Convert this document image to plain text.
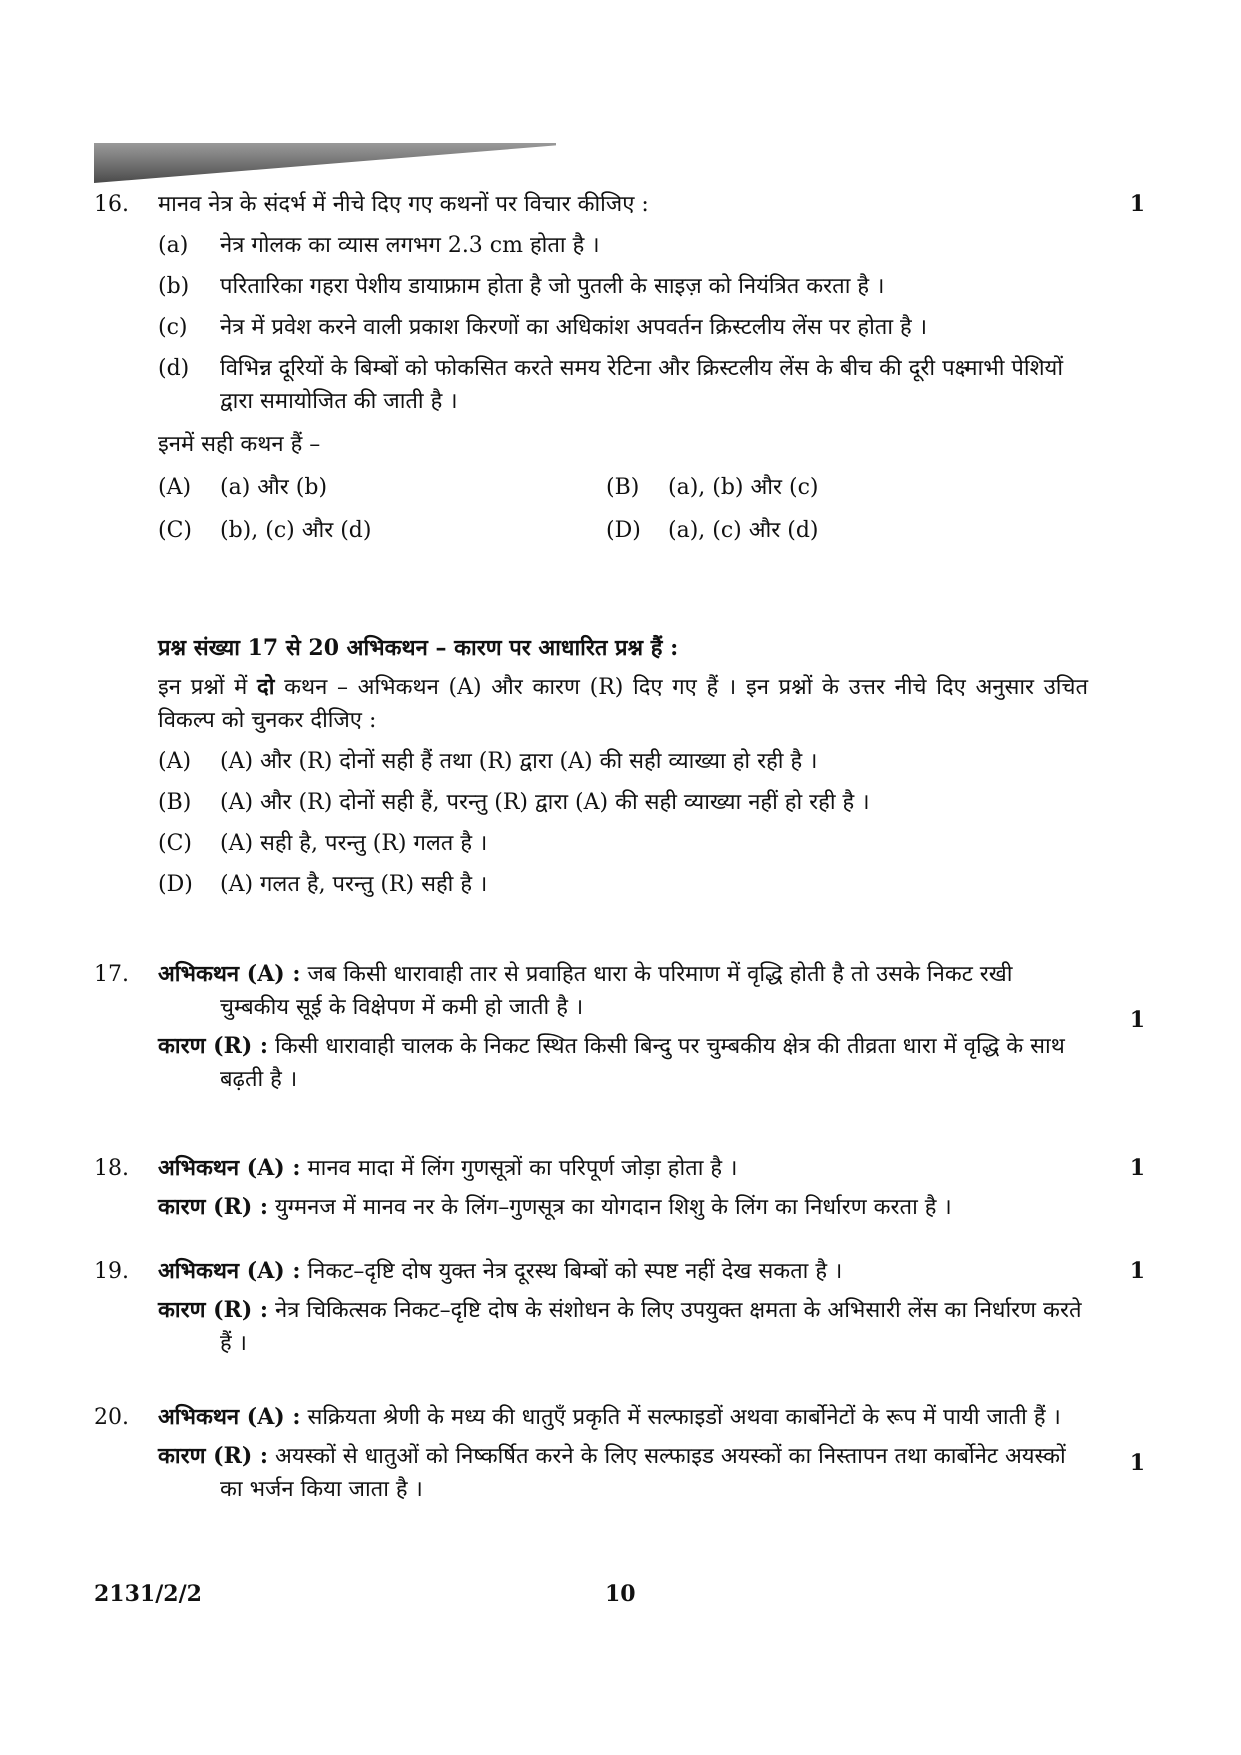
16.	1
मानव नेत्र के संदर्भ में नीचे दिए गए कथनों पर विचार कीजिए :
(a)	नेत्र गोलक का व्यास लगभग 2.3 cm होता है ।
(b)	परितारिका गहरा पेशीय डायाफ्राम होता है जो पुतली के साइज़ को नियंत्रित करता है ।
(c)	नेत्र में प्रवेश करने वाली प्रकाश किरणों का अधिकांश अपवर्तन क्रिस्टलीय लेंस पर होता है ।
(d)	विभिन्न दूरियों के बिम्बों को फोकसित करते समय रेटिना और क्रिस्टलीय लेंस के बीच की दूरी पक्ष्माभी पेशियों द्वारा समायोजित की जाती है ।
इनमें सही कथन हैं –
(A)	(a) और (b)	(B)	(a), (b) और (c)
(C)	(b), (c) और (d)	(D)	(a), (c) और (d)
प्रश्न संख्या 17 से 20 अभिकथन – कारण पर आधारित प्रश्न हैं :
इन प्रश्नों में दो कथन – अभिकथन (A) और कारण (R) दिए गए हैं । इन प्रश्नों के उत्तर नीचे दिए अनुसार उचित विकल्प को चुनकर दीजिए :
(A)	(A) और (R) दोनों सही हैं तथा (R) द्वारा (A) की सही व्याख्या हो रही है ।
(B)	(A) और (R) दोनों सही हैं, परन्तु (R) द्वारा (A) की सही व्याख्या नहीं हो रही है ।
(C)	(A) सही है, परन्तु (R) गलत है ।
(D)	(A) गलत है, परन्तु (R) सही है ।
17.
1
अभिकथन (A) : जब किसी धारावाही तार से प्रवाहित धारा के परिमाण में वृद्धि होती है तो उसके निकट रखी चुम्बकीय सूई के विक्षेपण में कमी हो जाती है ।
कारण (R) : किसी धारावाही चालक के निकट स्थित किसी बिन्दु पर चुम्बकीय क्षेत्र की तीव्रता धारा में वृद्धि के साथ बढ़ती है ।
18.	1
अभिकथन (A) : मानव मादा में लिंग गुणसूत्रों का परिपूर्ण जोड़ा होता है ।
कारण (R) : युग्मनज में मानव नर के लिंग–गुणसूत्र का योगदान शिशु के लिंग का निर्धारण करता है ।
19.	1
अभिकथन (A) : निकट–दृष्टि दोष युक्त नेत्र दूरस्थ बिम्बों को स्पष्ट नहीं देख सकता है ।
कारण (R) : नेत्र चिकित्सक निकट–दृष्टि दोष के संशोधन के लिए उपयुक्त क्षमता के अभिसारी लेंस का निर्धारण करते हैं ।
20.
1
अभिकथन (A) : सक्रियता श्रेणी के मध्य की धातुएँ प्रकृति में सल्फाइडों अथवा कार्बोनेटों के रूप में पायी जाती हैं ।
कारण (R) : अयस्कों से धातुओं को निष्कर्षित करने के लिए सल्फाइड अयस्कों का निस्तापन तथा कार्बोनेट अयस्कों का भर्जन किया जाता है ।
2131/2/2	10
